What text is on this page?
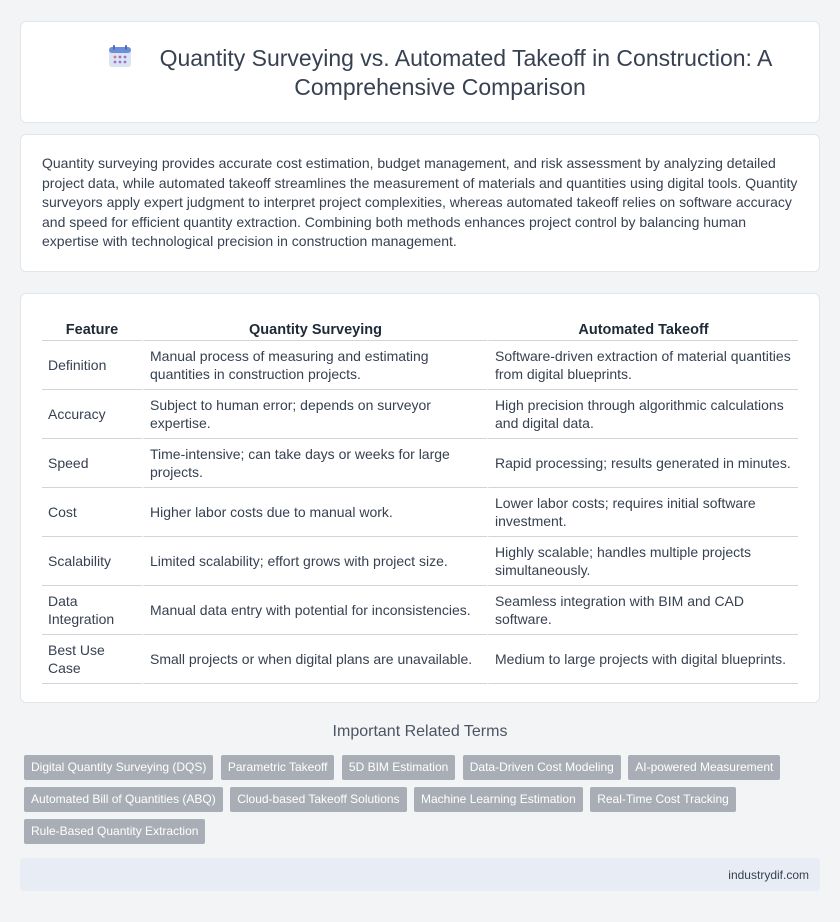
Quantity Surveying vs. Automated Takeoff in Construction: A Comprehensive Comparison

Quantity surveying provides accurate cost estimation, budget management, and risk assessment by analyzing detailed project data, while automated takeoff streamlines the measurement of materials and quantities using digital tools. Quantity surveyors apply expert judgment to interpret project complexities, whereas automated takeoff relies on software accuracy and speed for efficient quantity extraction. Combining both methods enhances project control by balancing human expertise with technological precision in construction management.

Feature	Quantity Surveying	Automated Takeoff
Definition	Manual process of measuring and estimating quantities in construction projects.	Software-driven extraction of material quantities from digital blueprints.
Accuracy	Subject to human error; depends on surveyor expertise.	High precision through algorithmic calculations and digital data.
Speed	Time-intensive; can take days or weeks for large projects.	Rapid processing; results generated in minutes.
Cost	Higher labor costs due to manual work.	Lower labor costs; requires initial software investment.
Scalability	Limited scalability; effort grows with project size.	Highly scalable; handles multiple projects simultaneously.
Data Integration	Manual data entry with potential for inconsistencies.	Seamless integration with BIM and CAD software.
Best Use Case	Small projects or when digital plans are unavailable.	Medium to large projects with digital blueprints.
Important Related Terms
Digital Quantity Surveying (DQS) Parametric Takeoff 5D BIM Estimation Data-Driven Cost Modeling AI-powered Measurement Automated Bill of Quantities (ABQ) Cloud-based Takeoff Solutions Machine Learning Estimation Real-Time Cost Tracking Rule-Based Quantity Extraction
industrydif.com
